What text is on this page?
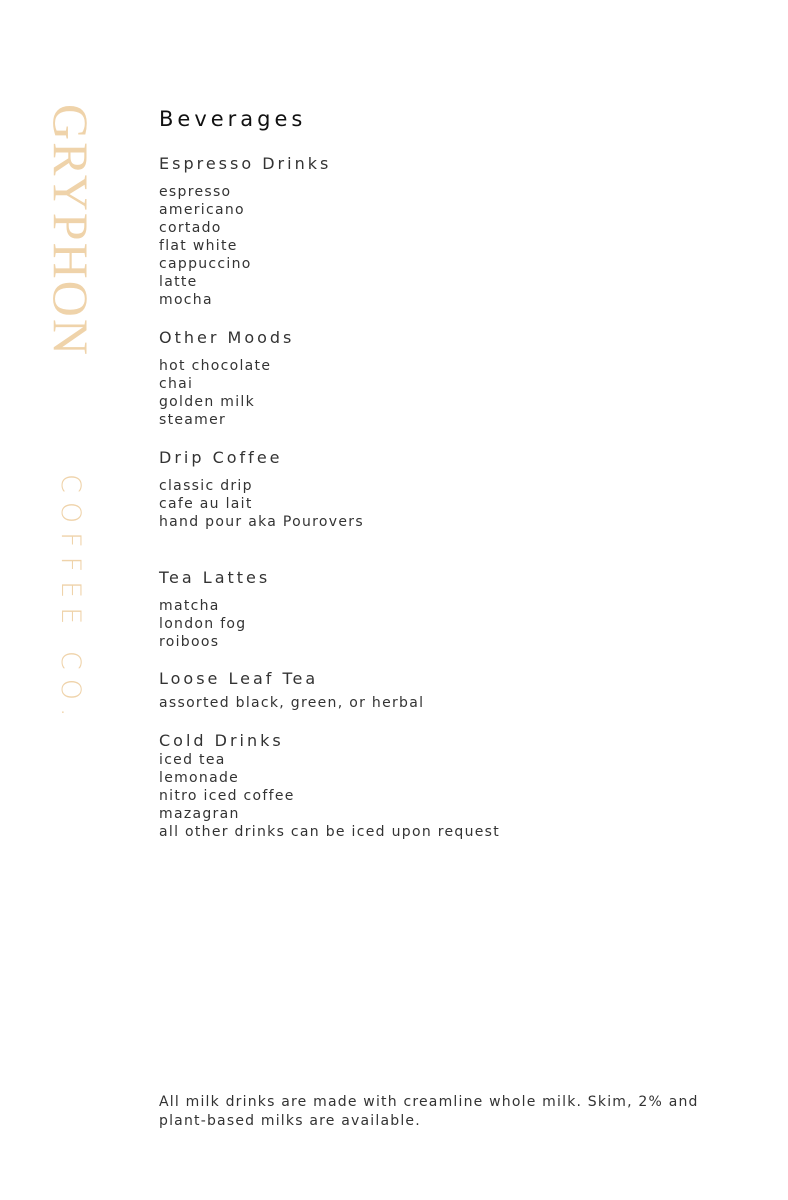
GRYPHON
COFFEE CO.
Beverages
Espresso Drinks
espresso
americano
cortado
flat white
cappuccino
latte
mocha
Other Moods
hot chocolate
chai
golden milk
steamer
Drip Coffee
classic drip
cafe au lait
hand pour aka Pourovers
Tea Lattes
matcha
london fog
roiboos
Loose Leaf Tea
assorted black, green, or herbal
Cold Drinks
iced tea
lemonade
nitro iced coffee
mazagran
all other drinks can be iced upon request

All milk drinks are made with creamline whole milk. Skim, 2% and plant-based milks are available.
